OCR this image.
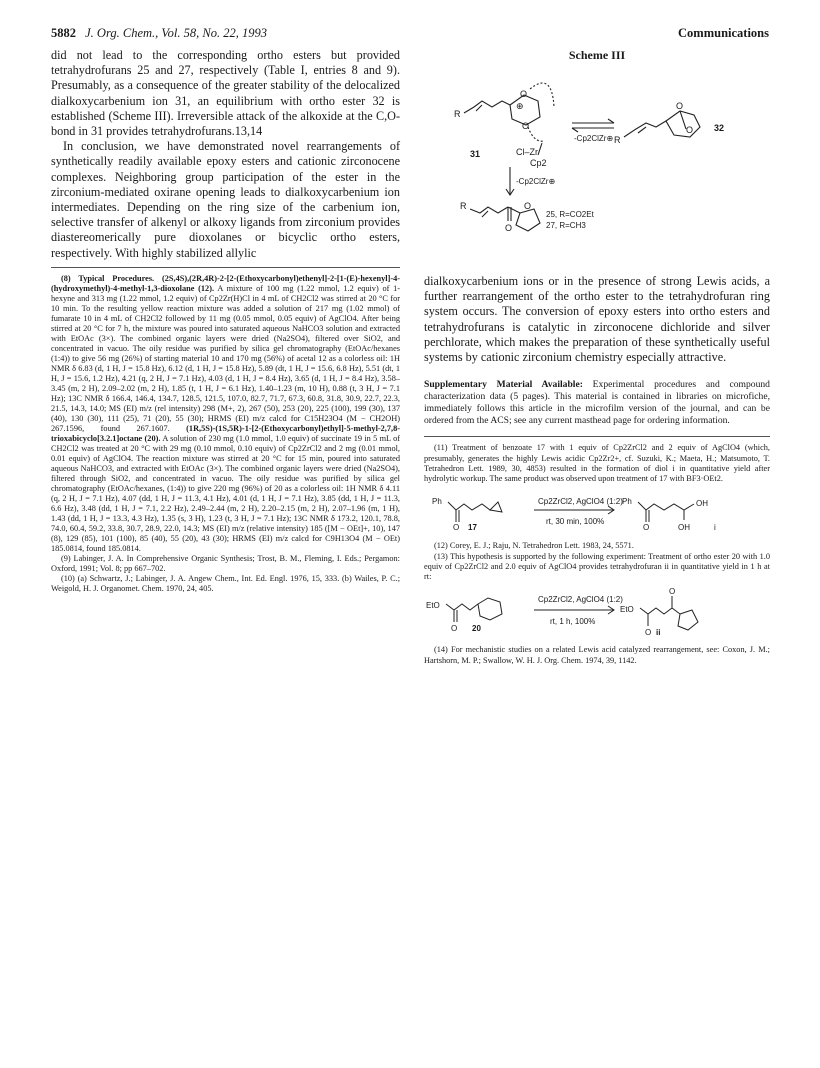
5882 J. Org. Chem., Vol. 58, No. 22, 1993	Communications

did not lead to the corresponding ortho esters but provided tetrahydrofurans 25 and 27, respectively (Table I, entries 8 and 9). Presumably, as a consequence of the greater stability of the delocalized dialkoxycarbenium ion 31, an equilibrium with ortho ester 32 is established (Scheme III). Irreversible attack of the alkoxide at the C,O-bond in 31 provides tetrahydrofurans.13,14

In conclusion, we have demonstrated novel rearrangements of synthetically readily available epoxy esters and cationic zirconocene complexes. Neighboring group participation of the ester in the zirconium-mediated oxirane opening leads to dialkoxycarbenium ion intermediates. Depending on the ring size of the carbenium ion, selective transfer of alkenyl or alkoxy ligands from zirconium provides diastereomerically pure dioxolanes or bicyclic ortho esters, respectively. With highly stabilized allylic

(8) Typical Procedures. (2S,4S),(2R,4R)-2-[2-(Ethoxycarbonyl)ethenyl]-2-[1-(E)-hexenyl]-4-(hydroxymethyl)-4-methyl-1,3-dioxolane (12). A mixture of 100 mg (1.22 mmol, 1.2 equiv) of 1-hexyne and 313 mg (1.22 mmol, 1.2 equiv) of Cp2Zr(H)Cl in 4 mL of CH2Cl2 was stirred at 20 °C for 10 min. To the resulting yellow reaction mixture was added a solution of 217 mg (1.02 mmol) of fumarate 10 in 4 mL of CH2Cl2 followed by 11 mg (0.05 mmol, 0.05 equiv) of AgClO4. After being stirred at 20 °C for 7 h, the mixture was poured into saturated aqueous NaHCO3 solution and extracted with EtOAc (3×). The combined organic layers were dried (Na2SO4), filtered over SiO2, and concentrated in vacuo. The oily residue was purified by silica gel chromatography (EtOAc/hexanes (1:4)) to give 56 mg (26%) of starting material 10 and 170 mg (56%) of acetal 12 as a colorless oil: 1H NMR δ 6.83 (d, 1 H, J = 15.8 Hz), 6.12 (d, 1 H, J = 15.8 Hz), 5.89 (dt, 1 H, J = 15.6, 6.8 Hz), 5.51 (dt, 1 H, J = 15.6, 1.2 Hz), 4.21 (q, 2 H, J = 7.1 Hz), 4.03 (d, 1 H, J = 8.4 Hz), 3.65 (d, 1 H, J = 8.4 Hz), 3.58–3.45 (m, 2 H), 2.09–2.02 (m, 2 H), 1.85 (t, 1 H, J = 6.1 Hz), 1.40–1.23 (m, 10 H), 0.88 (t, 3 H, J = 7.1 Hz); 13C NMR δ 166.4, 146.4, 134.7, 128.5, 121.5, 107.0, 82.7, 71.7, 67.3, 60.8, 31.8, 30.9, 22.7, 22.3, 21.5, 14.3, 14.0; MS (EI) m/z (rel intensity) 298 (M+, 2), 267 (50), 253 (20), 225 (100), 199 (30), 137 (40), 130 (30), 111 (25), 71 (20), 55 (30); HRMS (EI) m/z calcd for C15H23O4 (M − CH2OH) 267.1596, found 267.1607. (1R,5S)-(1S,5R)-1-[2-(Ethoxycarbonyl)ethyl]-5-methyl-2,7,8-trioxabicyclo[3.2.1]octane (20). A solution of 230 mg (1.0 mmol, 1.0 equiv) of succinate 19 in 5 mL of CH2Cl2 was treated at 20 °C with 29 mg (0.10 mmol, 0.10 equiv) of Cp2ZrCl2 and 2 mg (0.01 mmol, 0.01 equiv) of AgClO4. The reaction mixture was stirred at 20 °C for 15 min, poured into saturated aqueous NaHCO3, and extracted with EtOAc (3×). The combined organic layers were dried (Na2SO4), filtered through SiO2, and concentrated in vacuo. The oily residue was purified by silica gel chromatography (EtOAc/hexanes, (1:4)) to give 220 mg (96%) of 20 as a colorless oil: 1H NMR δ 4.11 (q, 2 H, J = 7.1 Hz), 4.07 (dd, 1 H, J = 11.3, 4.1 Hz), 4.01 (d, 1 H, J = 7.1 Hz), 3.85 (dd, 1 H, J = 11.3, 6.6 Hz), 3.48 (dd, 1 H, J = 7.1, 2.2 Hz), 2.49–2.44 (m, 2 H), 2.20–2.15 (m, 2 H), 2.07–1.96 (m, 1 H), 1.43 (dd, 1 H, J = 13.3, 4.3 Hz), 1.35 (s, 3 H), 1.23 (t, 3 H, J = 7.1 Hz); 13C NMR δ 173.2, 120.1, 78.8, 74.0, 60.4, 59.2, 33.8, 30.7, 28.9, 22.0, 14.3; MS (EI) m/z (relative intensity) 185 ([M − OEt]+, 10), 147 (8), 129 (85), 101 (100), 85 (40), 55 (20), 43 (30); HRMS (EI) m/z calcd for C9H13O4 (M − OEt) 185.0814, found 185.0814.

(9) Labinger, J. A. In Comprehensive Organic Synthesis; Trost, B. M., Fleming, I. Eds.; Pergamon: Oxford, 1991; Vol. 8; pp 667–702.

(10) (a) Schwartz, J.; Labinger, J. A. Angew Chem., Int. Ed. Engl. 1976, 15, 333. (b) Wailes, P. C.; Weigold, H. J. Organomet. Chem. 1970, 24, 405.

Scheme III
R
⊕
O
O
31	Cl–Zr
Cp2
-Cp2ClZr⊕ R
O
O 32
-Cp2ClZr⊕
R
O
O
25, R=CO2Et
27, R=CH3
dialkoxycarbenium ions or in the presence of strong Lewis acids, a further rearrangement of the ortho ester to the tetrahydrofuran ring system occurs. The conversion of epoxy esters into ortho esters and tetrahydrofurans is catalytic in zirconocene dichloride and silver perchlorate, which makes the preparation of these synthetically useful systems by cationic zirconium chemistry especially attractive.
Supplementary Material Available: Experimental procedures and compound characterization data (5 pages). This material is contained in libraries on microfiche, immediately follows this article in the microfilm version of the journal, and can be ordered from the ACS; see any current masthead page for ordering information.

(11) Treatment of benzoate 17 with 1 equiv of Cp2ZrCl2 and 2 equiv of AgClO4 (which, presumably, generates the highly Lewis acidic Cp2Zr2+, cf. Suzuki, K.; Maeta, H.; Matsumoto, T. Tetrahedron Lett. 1989, 30, 4853) resulted in the formation of diol i in quantitative yield after hydrolytic workup. The same product was observed upon treatment of 17 with BF3·OEt2.

Ph
O 17
Cp2ZrCl2, AgClO4 (1:2)
rt, 30 min, 100%
Ph
O
OH
OH	i

(12) Corey, E. J.; Raju, N. Tetrahedron Lett. 1983, 24, 5571.

(13) This hypothesis is supported by the following experiment: Treatment of ortho ester 20 with 1.0 equiv of Cp2ZrCl2 and 2.0 equiv of AgClO4 provides tetrahydrofuran ii in quantitative yield in 1 h at rt:

EtO
O 20
Cp2ZrCl2, AgClO4 (1:2)
rt, 1 h, 100%
EtO
O
O
ii

(14) For mechanistic studies on a related Lewis acid catalyzed rearrangement, see: Coxon, J. M.; Hartshorn, M. P.; Swallow, W. H. J. Org. Chem. 1974, 39, 1142.
